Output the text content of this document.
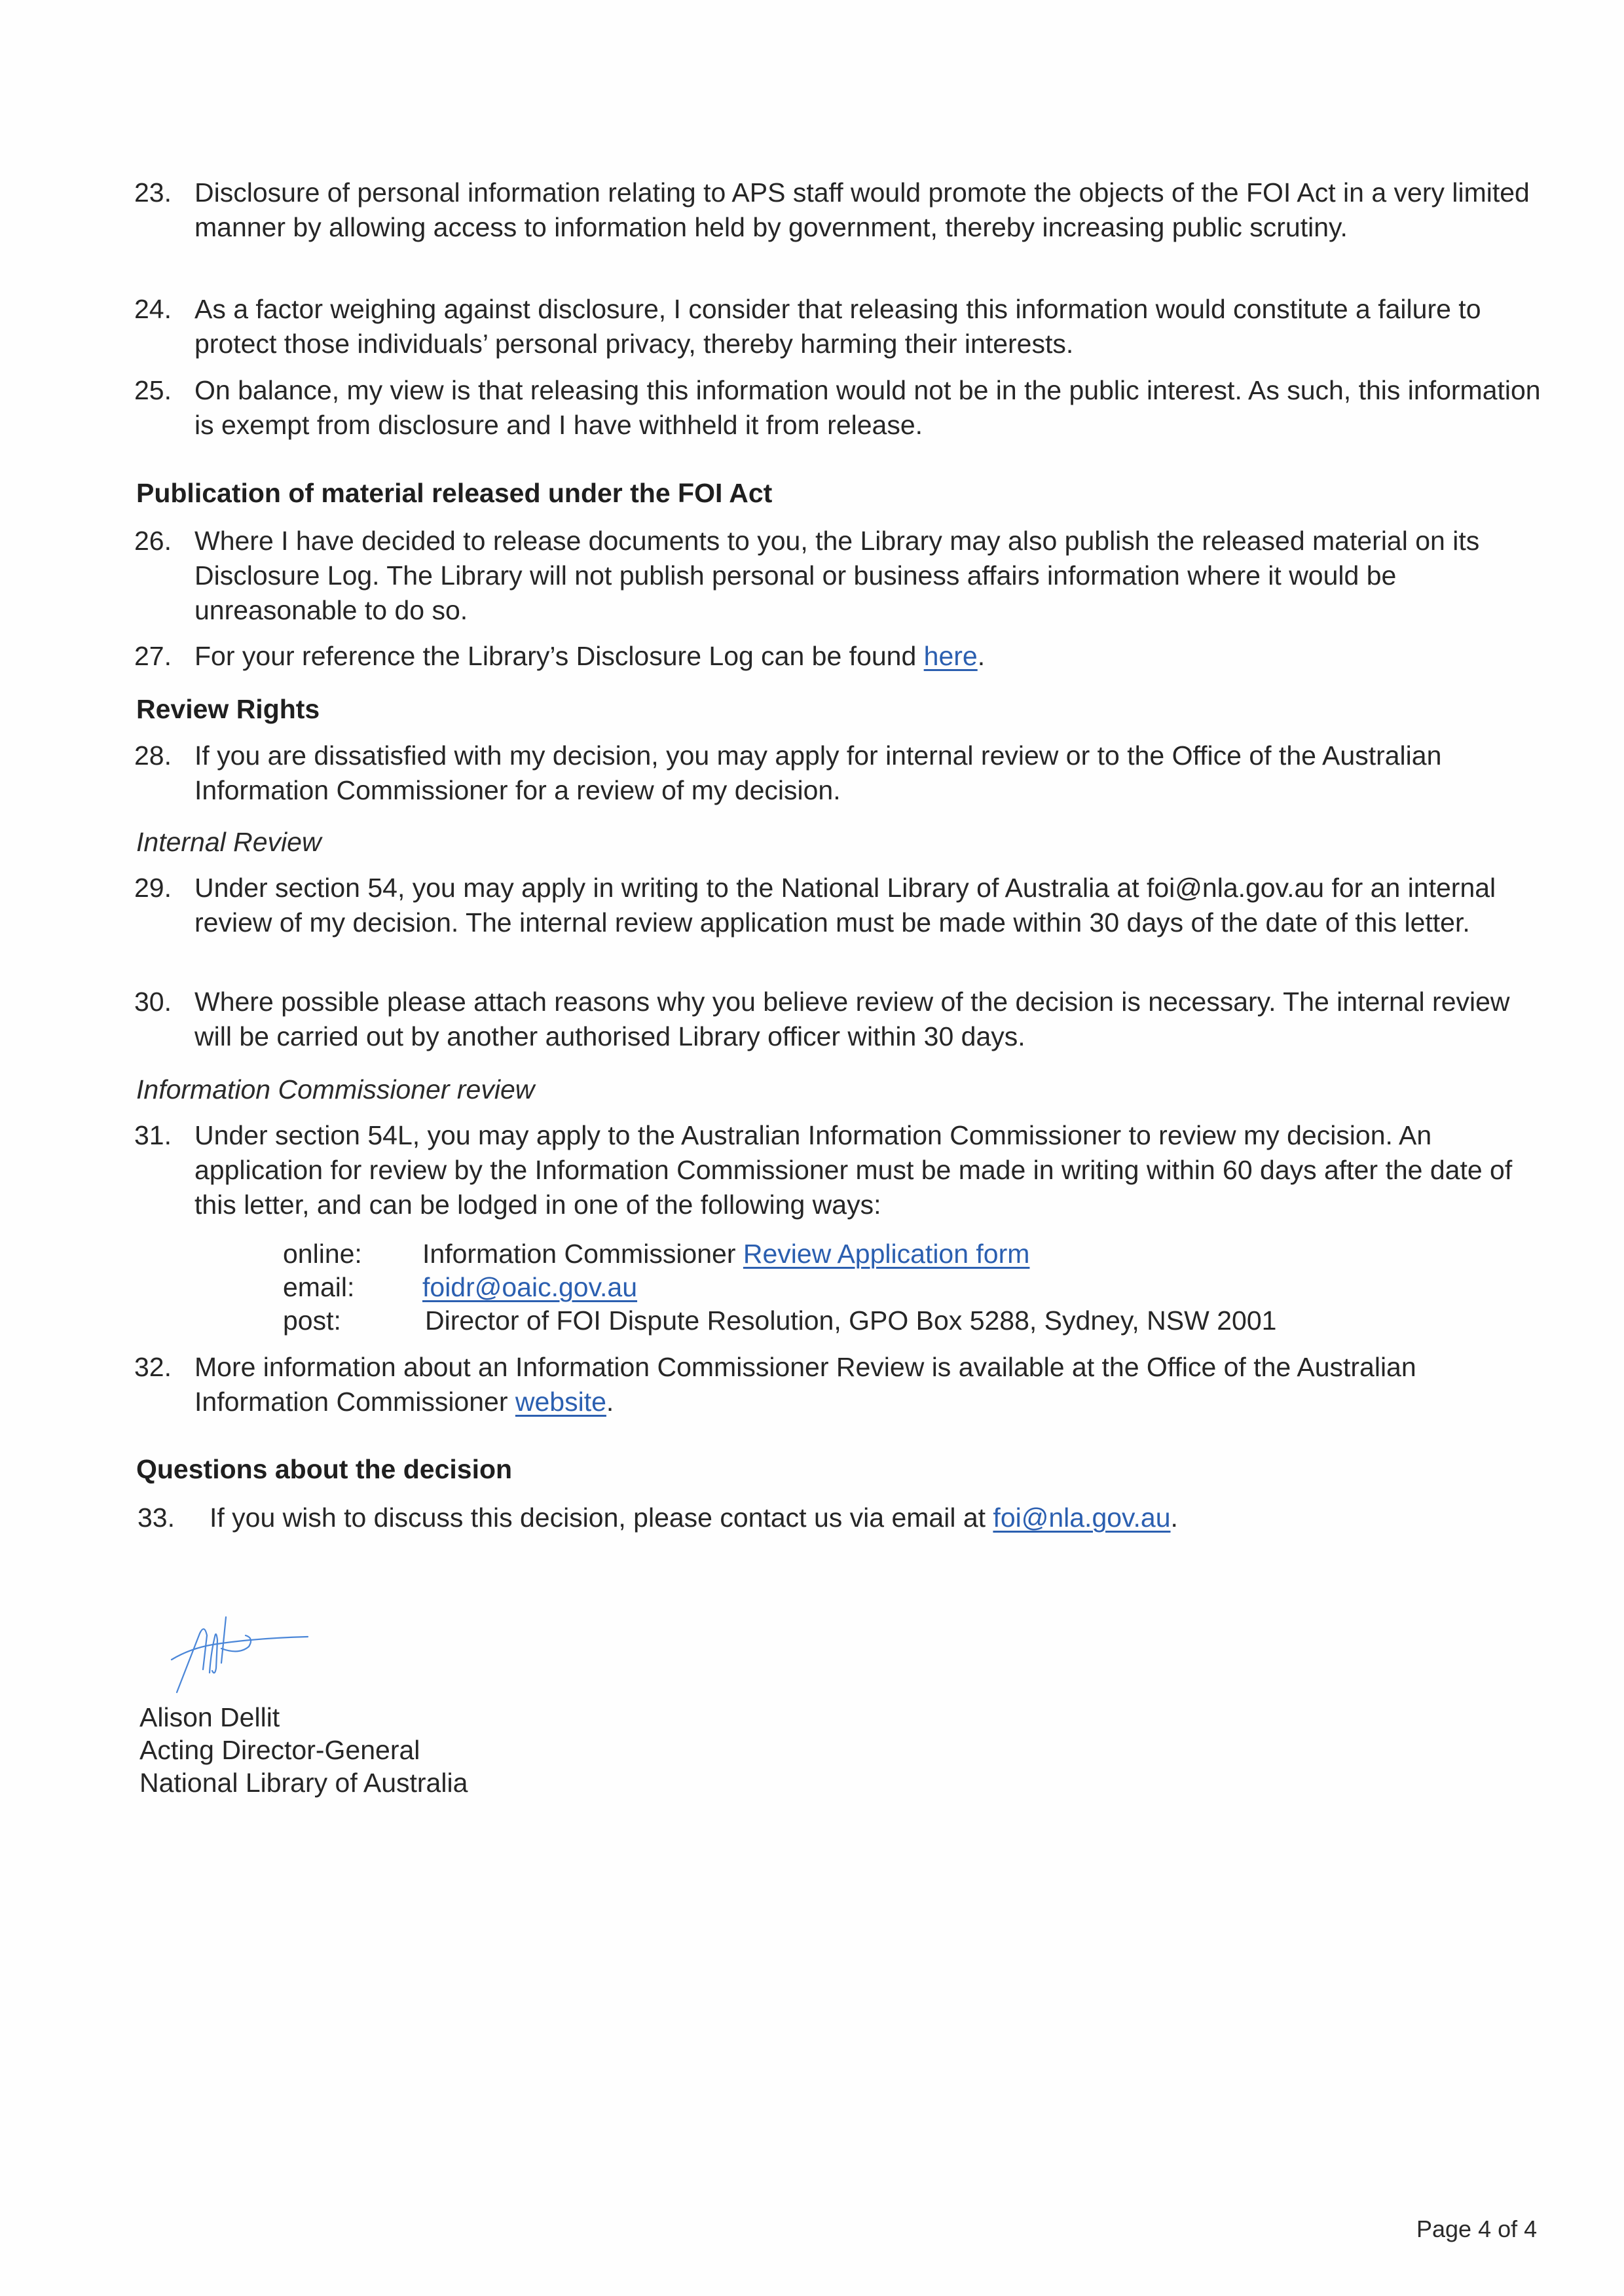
23. Disclosure of personal information relating to APS staff would promote the objects of the FOI Act in a very limited manner by allowing access to information held by government, thereby increasing public scrutiny.
24. As a factor weighing against disclosure, I consider that releasing this information would constitute a failure to protect those individuals’ personal privacy, thereby harming their interests.
25. On balance, my view is that releasing this information would not be in the public interest. As such, this information is exempt from disclosure and I have withheld it from release.
Publication of material released under the FOI Act
26. Where I have decided to release documents to you, the Library may also publish the released material on its Disclosure Log. The Library will not publish personal or business affairs information where it would be unreasonable to do so.
27. For your reference the Library’s Disclosure Log can be found here.
Review Rights
28. If you are dissatisfied with my decision, you may apply for internal review or to the Office of the Australian Information Commissioner for a review of my decision.
Internal Review
29. Under section 54, you may apply in writing to the National Library of Australia at foi@nla.gov.au for an internal review of my decision. The internal review application must be made within 30 days of the date of this letter.
30. Where possible please attach reasons why you believe review of the decision is necessary. The internal review will be carried out by another authorised Library officer within 30 days.
Information Commissioner review
31. Under section 54L, you may apply to the Australian Information Commissioner to review my decision. An application for review by the Information Commissioner must be made in writing within 60 days after the date of this letter, and can be lodged in one of the following ways:
online: Information Commissioner Review Application form
email:	foidr@oaic.gov.au
post:	Director of FOI Dispute Resolution, GPO Box 5288, Sydney, NSW 2001
32. More information about an Information Commissioner Review is available at the Office of the Australian Information Commissioner website.
Questions about the decision
33. If you wish to discuss this decision, please contact us via email at foi@nla.gov.au.
Alison Dellit
Acting Director-General
National Library of Australia
Page 4 of 4
